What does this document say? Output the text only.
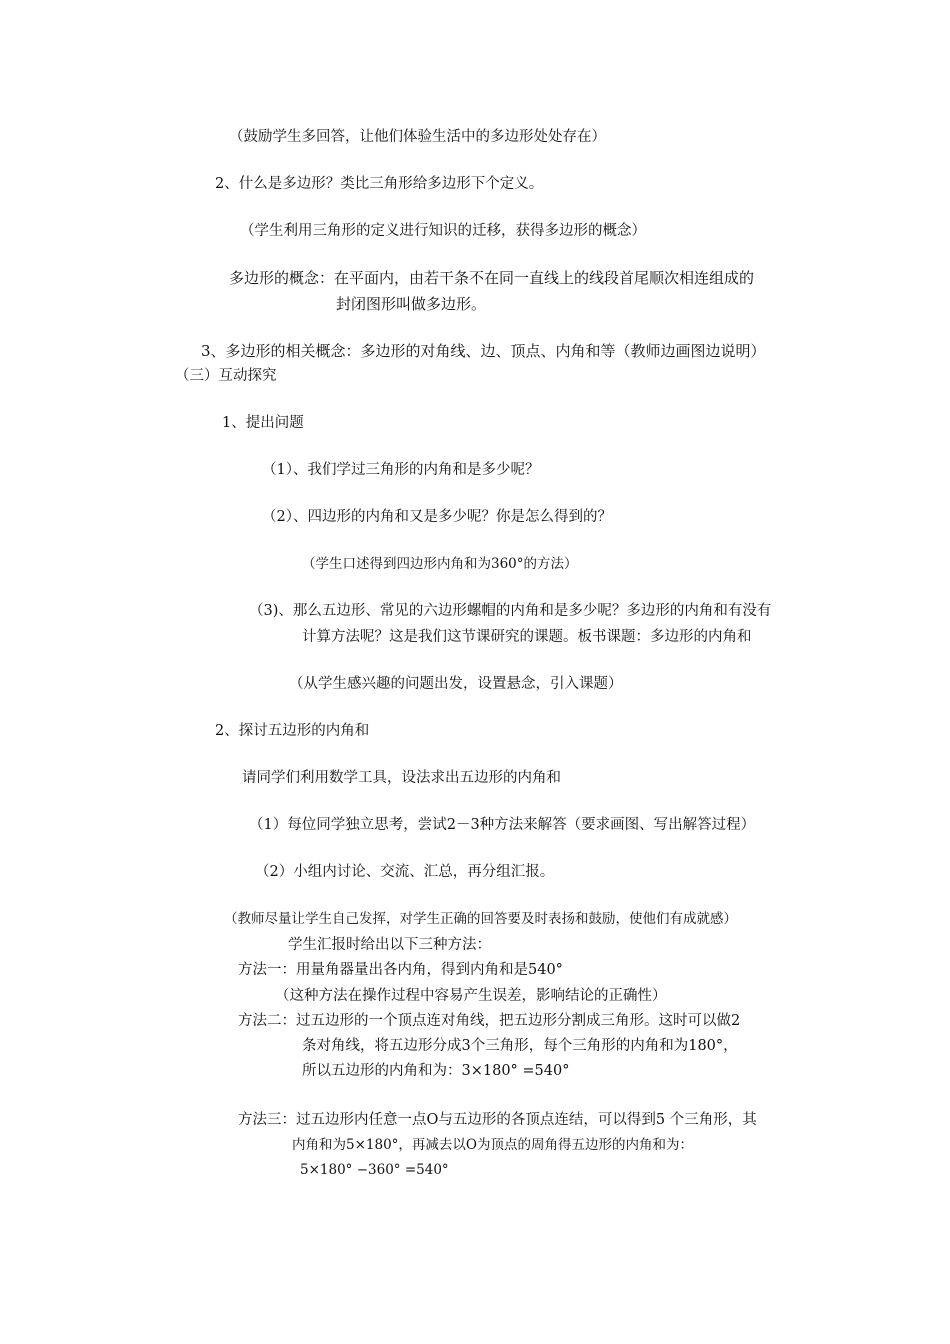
（鼓励学生多回答，让他们体验生活中的多边形处处存在）
2、什么是多边形？类比三角形给多边形下个定义。
（学生利用三角形的定义进行知识的迁移，获得多边形的概念）
多边形的概念：在平面内，由若干条不在同一直线上的线段首尾顺次相连组成的
封闭图形叫做多边形。
3、多边形的相关概念：多边形的对角线、边、顶点、内角和等（教师边画图边说明）
（三）互动探究
1、提出问题
（1）、我们学过三角形的内角和是多少呢？
（2）、四边形的内角和又是多少呢？你是怎么得到的？
（学生口述得到四边形内角和为360°的方法）
（3)、那么五边形、常见的六边形螺帽的内角和是多少呢？多边形的内角和有没有
计算方法呢？这是我们这节课研究的课题。板书课题：多边形的内角和
（从学生感兴趣的问题出发，设置悬念，引入课题）
2、探讨五边形的内角和
请同学们利用数学工具，设法求出五边形的内角和
（1）每位同学独立思考，尝试2－3种方法来解答（要求画图、写出解答过程）
（2）小组内讨论、交流、汇总，再分组汇报。
（教师尽量让学生自己发挥，对学生正确的回答要及时表扬和鼓励，使他们有成就感）
学生汇报时给出以下三种方法：
方法一：用量角器量出各内角，得到内角和是540°
（这种方法在操作过程中容易产生误差，影响结论的正确性）
方法二：过五边形的一个顶点连对角线，把五边形分割成三角形。这时可以做2
条对角线，将五边形分成3个三角形，每个三角形的内角和为180°，
所以五边形的内角和为：3×180° =540°
方法三：过五边形内任意一点O与五边形的各顶点连结，可以得到5 个三角形，其
内角和为5×180°，再减去以O为顶点的周角得五边形的内角和为：
5×180° −360° =540°
